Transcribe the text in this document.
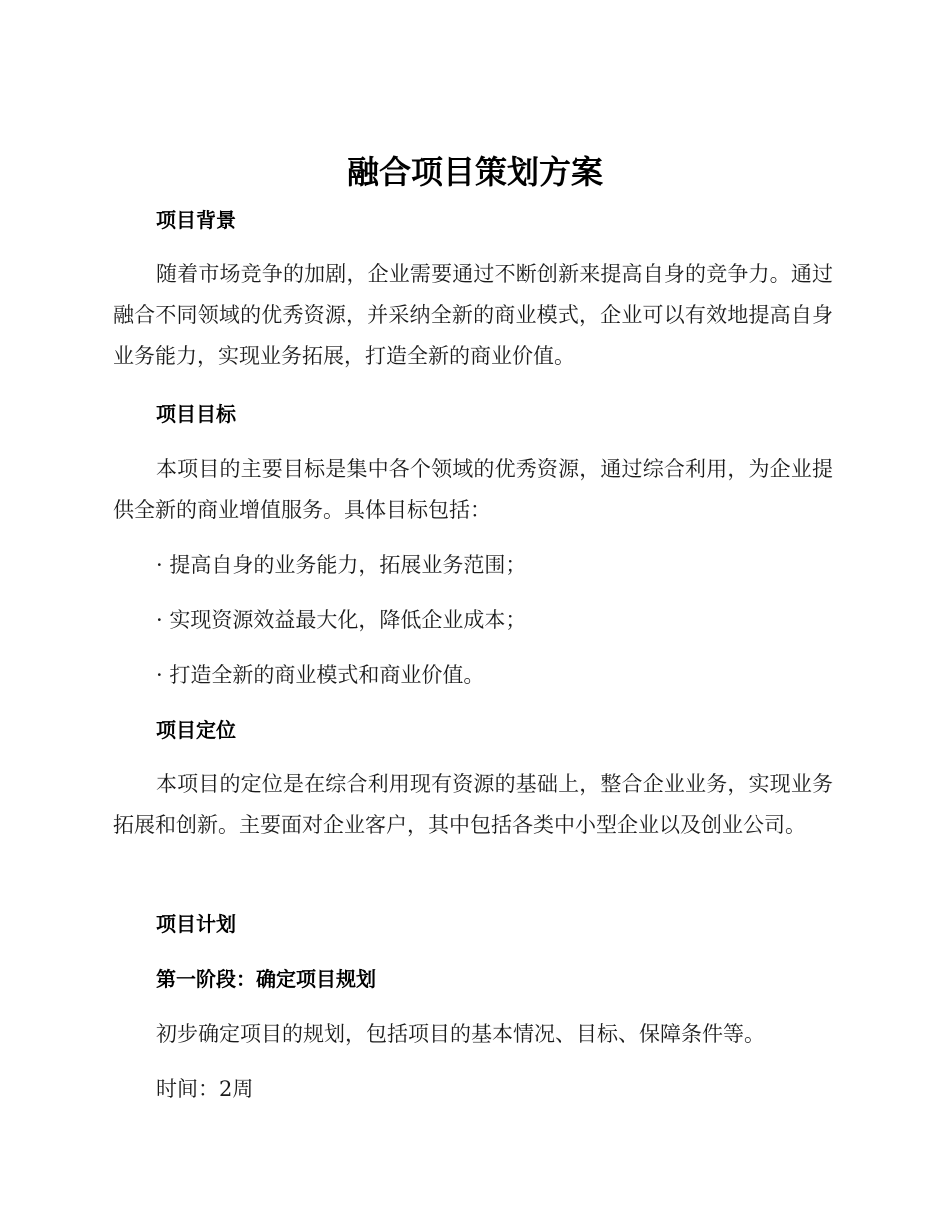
融合项目策划方案
项目背景
随着市场竞争的加剧，企业需要通过不断创新来提高自身的竞争力。通过融合不同领域的优秀资源，并采纳全新的商业模式，企业可以有效地提高自身业务能力，实现业务拓展，打造全新的商业价值。
项目目标
本项目的主要目标是集中各个领域的优秀资源，通过综合利用，为企业提供全新的商业增值服务。具体目标包括：
· 提高自身的业务能力，拓展业务范围；
· 实现资源效益最大化，降低企业成本；
· 打造全新的商业模式和商业价值。
项目定位
本项目的定位是在综合利用现有资源的基础上，整合企业业务，实现业务拓展和创新。主要面对企业客户，其中包括各类中小型企业以及创业公司。
项目计划
第一阶段：确定项目规划
初步确定项目的规划，包括项目的基本情况、目标、保障条件等。
时间：2周
